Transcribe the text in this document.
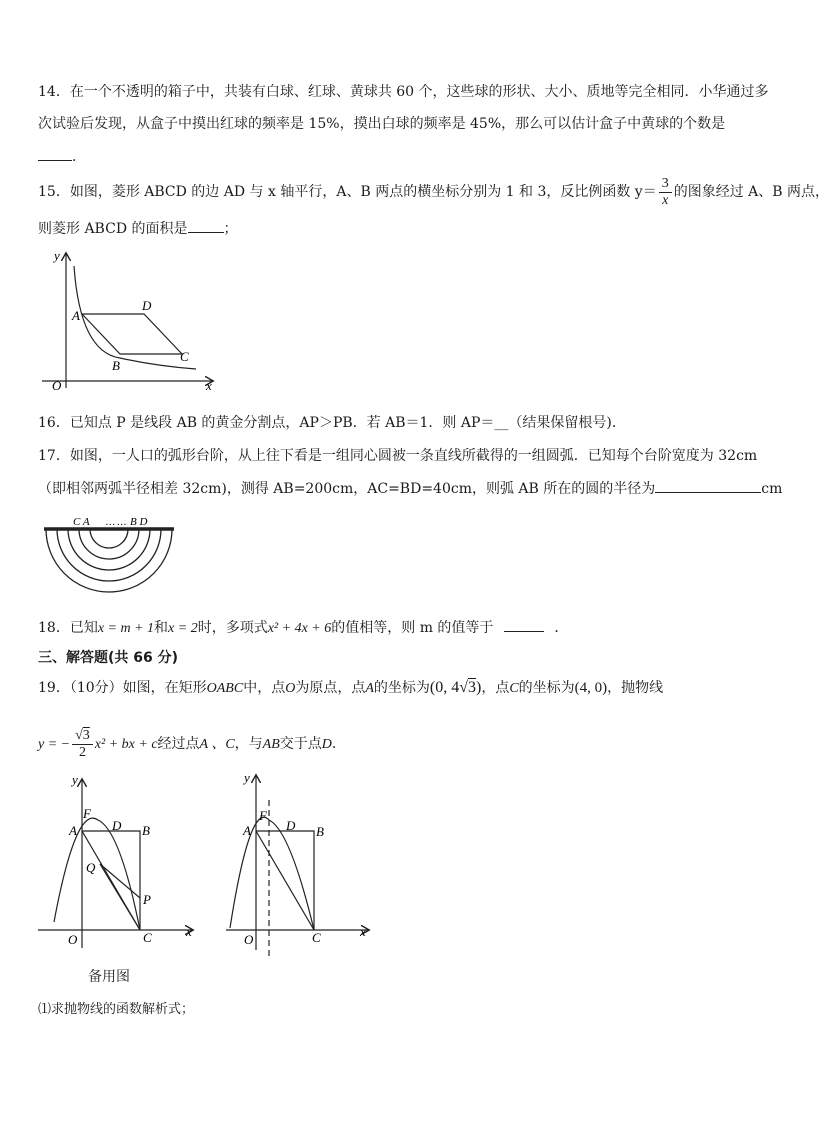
14．在一个不透明的箱子中，共装有白球、红球、黄球共 60 个，这些球的形状、大小、质地等完全相同．小华通过多
次试验后发现，从盒子中摸出红球的频率是 15%，摸出白球的频率是 45%，那么可以估计盒子中黄球的个数是
．
15．如图，菱形 ABCD 的边 AD 与 x 轴平行，A、B 两点的横坐标分别为 1 和 3，反比例函数 $y= \frac{3}{x}$ 的图象经过 A、B 两点，
则菱形 ABCD 的面积是	；
y
x
O
A
D
C
B
16．已知点 P 是线段 AB 的黄金分割点，AP＞PB．若 AB＝1．则 AP＝__（结果保留根号)．
17．如图，一人口的弧形台阶，从上往下看是一组同心圆被一条直线所截得的一组圆弧．已知每个台阶宽度为 32cm
（即相邻两弧半径相差 32cm)，测得 AB=200cm，AC=BD=40cm，则弧 AB 所在的圆的半径为	cm
C A … … B D
18．已知x = m + 1和x = 2时，多项式x² + 4x + 6的值相等，则 m 的值等于	．
三、解答题(共 66 分)
19．（10分）如图，在矩形OABC中，点O为原点，点A的坐标为(0, 4√3)，点C的坐标为(4, 0)，抛物线
y = − $\frac{√3}{2} x^2$ + bx + c经过点A 、C，与AB交于点D.
y
x
O
A
F
D B
Q
P
C
备用图
y
x
O
A
F
D B
C
⑴求抛物线的函数解析式；
